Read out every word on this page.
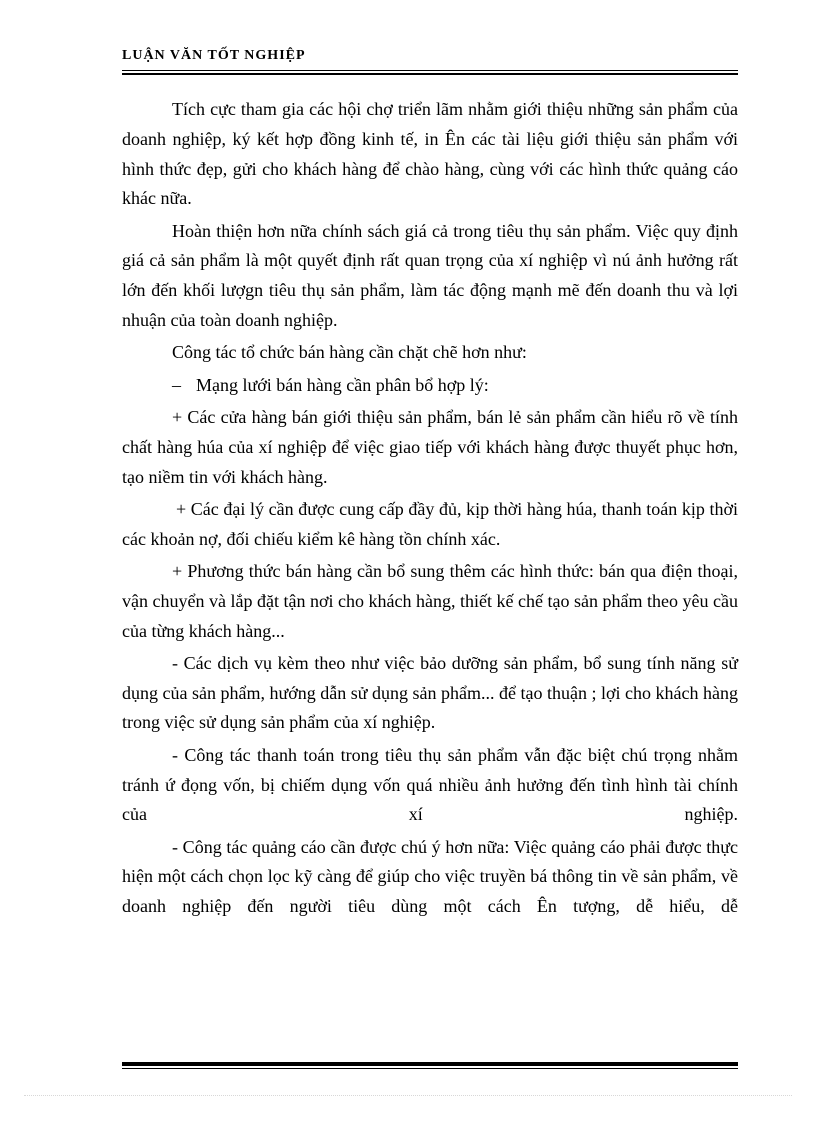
LUẬN VĂN TỐT NGHIỆP

Tích cực tham gia các hội chợ triển lãm nhằm giới thiệu những sản phẩm của doanh nghiệp, ký kết hợp đồng kinh tế, in Ên các tài liệu giới thiệu sản phẩm với hình thức đẹp, gửi cho khách hàng để chào hàng, cùng với các hình thức quảng cáo khác nữa.

Hoàn thiện hơn nữa chính sách giá cả trong tiêu thụ sản phẩm. Việc quy định giá cả sản phẩm là một quyết định rất quan trọng của xí nghiệp vì nú ảnh hưởng rất lớn đến khối lượgn tiêu thụ sản phẩm, làm tác động mạnh mẽ đến doanh thu và lợi nhuận của toàn doanh nghiệp.

Công tác tổ chức bán hàng cần chặt chẽ hơn như:

– Mạng lưới bán hàng cần phân bổ hợp lý:

+ Các cửa hàng bán giới thiệu sản phẩm, bán lẻ sản phẩm cần hiểu rõ về tính chất hàng húa của xí nghiệp để việc giao tiếp với khách hàng được thuyết phục hơn, tạo niềm tin với khách hàng.

+ Các đại lý cần được cung cấp đầy đủ, kịp thời hàng húa, thanh toán kịp thời các khoản nợ, đối chiếu kiểm kê hàng tồn chính xác.

+ Phương thức bán hàng cần bổ sung thêm các hình thức: bán qua điện thoại, vận chuyển và lắp đặt tận nơi cho khách hàng, thiết kế chế tạo sản phẩm theo yêu cầu của từng khách hàng...

- Các dịch vụ kèm theo như việc bảo dưỡng sản phẩm, bổ sung tính năng sử dụng của sản phẩm, hướng dẫn sử dụng sản phẩm... để tạo thuận ; lợi cho khách hàng trong việc sử dụng sản phẩm của xí nghiệp.

- Công tác thanh toán trong tiêu thụ sản phẩm vẫn đặc biệt chú trọng nhằm tránh ứ đọng vốn, bị chiếm dụng vốn quá nhiều ảnh hưởng đến tình hình tài chính của xí nghiệp.

- Công tác quảng cáo cần được chú ý hơn nữa: Việc quảng cáo phải được thực hiện một cách chọn lọc kỹ càng để giúp cho việc truyền bá thông tin về sản phẩm, về doanh nghiệp đến người tiêu dùng một cách Ên tượng, dễ hiểu, dễ
